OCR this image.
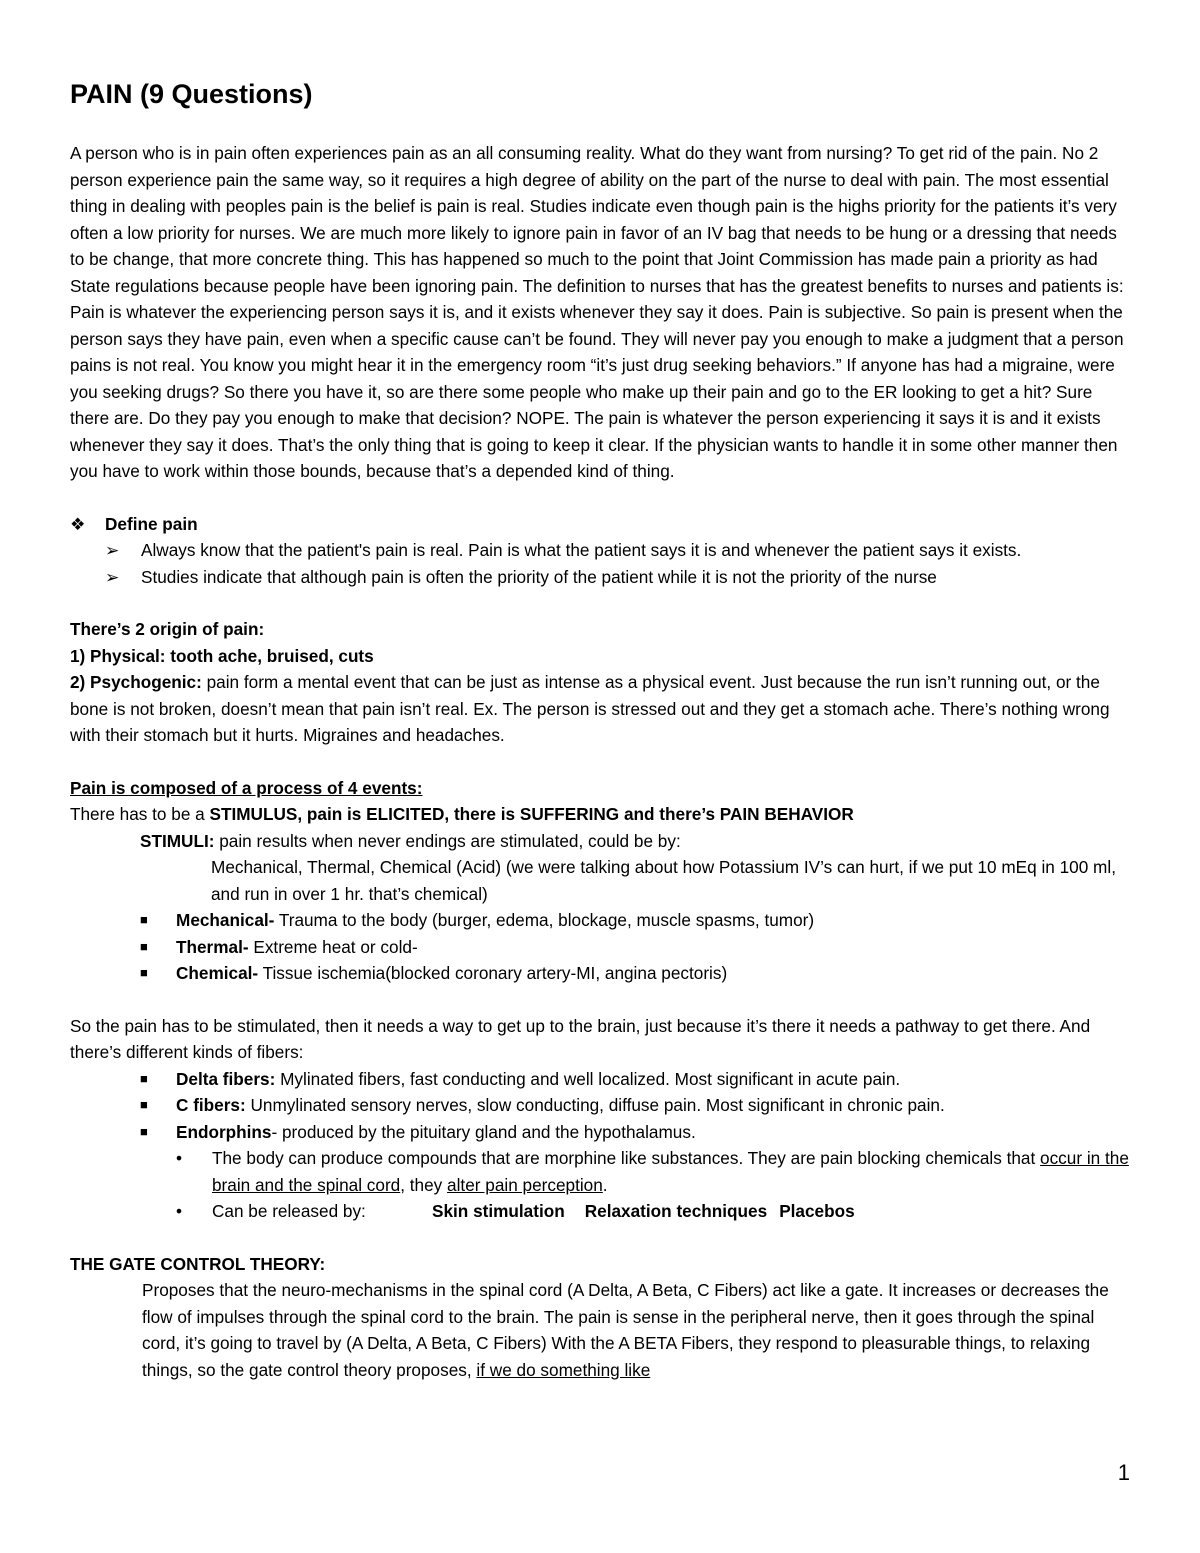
PAIN (9 Questions)

A person who is in pain often experiences pain as an all consuming reality. What do they want from nursing? To get rid of the pain. No 2 person experience pain the same way, so it requires a high degree of ability on the part of the nurse to deal with pain. The most essential thing in dealing with peoples pain is the belief is pain is real. Studies indicate even though pain is the highs priority for the patients it’s very often a low priority for nurses. We are much more likely to ignore pain in favor of an IV bag that needs to be hung or a dressing that needs to be change, that more concrete thing. This has happened so much to the point that Joint Commission has made pain a priority as had State regulations because people have been ignoring pain. The definition to nurses that has the greatest benefits to nurses and patients is: Pain is whatever the experiencing person says it is, and it exists whenever they say it does. Pain is subjective. So pain is present when the person says they have pain, even when a specific cause can’t be found. They will never pay you enough to make a judgment that a person pains is not real. You know you might hear it in the emergency room “it’s just drug seeking behaviors.” If anyone has had a migraine, were you seeking drugs? So there you have it, so are there some people who make up their pain and go to the ER looking to get a hit? Sure there are. Do they pay you enough to make that decision? NOPE. The pain is whatever the person experiencing it says it is and it exists whenever they say it does. That’s the only thing that is going to keep it clear. If the physician wants to handle it in some other manner then you have to work within those bounds, because that’s a depended kind of thing.

❖	Define pain
➢	Always know that the patient's pain is real. Pain is what the patient says it is and whenever the patient says it exists.
➢	Studies indicate that although pain is often the priority of the patient while it is not the priority of the nurse

There’s 2 origin of pain:

1) Physical: tooth ache, bruised, cuts

2) Psychogenic: pain form a mental event that can be just as intense as a physical event. Just because the run isn’t running out, or the bone is not broken, doesn’t mean that pain isn’t real. Ex. The person is stressed out and they get a stomach ache. There’s nothing wrong with their stomach but it hurts. Migraines and headaches.

Pain is composed of a process of 4 events:

There has to be a STIMULUS, pain is ELICITED, there is SUFFERING and there’s PAIN BEHAVIOR

STIMULI: pain results when never endings are stimulated, could be by:

Mechanical, Thermal, Chemical (Acid) (we were talking about how Potassium IV’s can hurt, if we put 10 mEq in 100 ml, and run in over 1 hr. that’s chemical)

■	Mechanical- Trauma to the body (burger, edema, blockage, muscle spasms, tumor)
■	Thermal- Extreme heat or cold-
■	Chemical- Tissue ischemia(blocked coronary artery-MI, angina pectoris)

So the pain has to be stimulated, then it needs a way to get up to the brain, just because it’s there it needs a pathway to get there. And there’s different kinds of fibers:

■	Delta fibers: Mylinated fibers, fast conducting and well localized. Most significant in acute pain.
■	C fibers: Unmylinated sensory nerves, slow conducting, diffuse pain. Most significant in chronic pain.
■	Endorphins- produced by the pituitary gland and the hypothalamus.
•	The body can produce compounds that are morphine like substances. They are pain blocking chemicals that occur in the brain and the spinal cord, they alter pain perception.
•	Can be released by:	Skin stimulation Relaxation techniques Placebos

THE GATE CONTROL THEORY:

Proposes that the neuro-mechanisms in the spinal cord (A Delta, A Beta, C Fibers) act like a gate. It increases or decreases the flow of impulses through the spinal cord to the brain. The pain is sense in the peripheral nerve, then it goes through the spinal cord, it’s going to travel by (A Delta, A Beta, C Fibers) With the A BETA Fibers, they respond to pleasurable things, to relaxing things, so the gate control theory proposes, if we do something like

1
